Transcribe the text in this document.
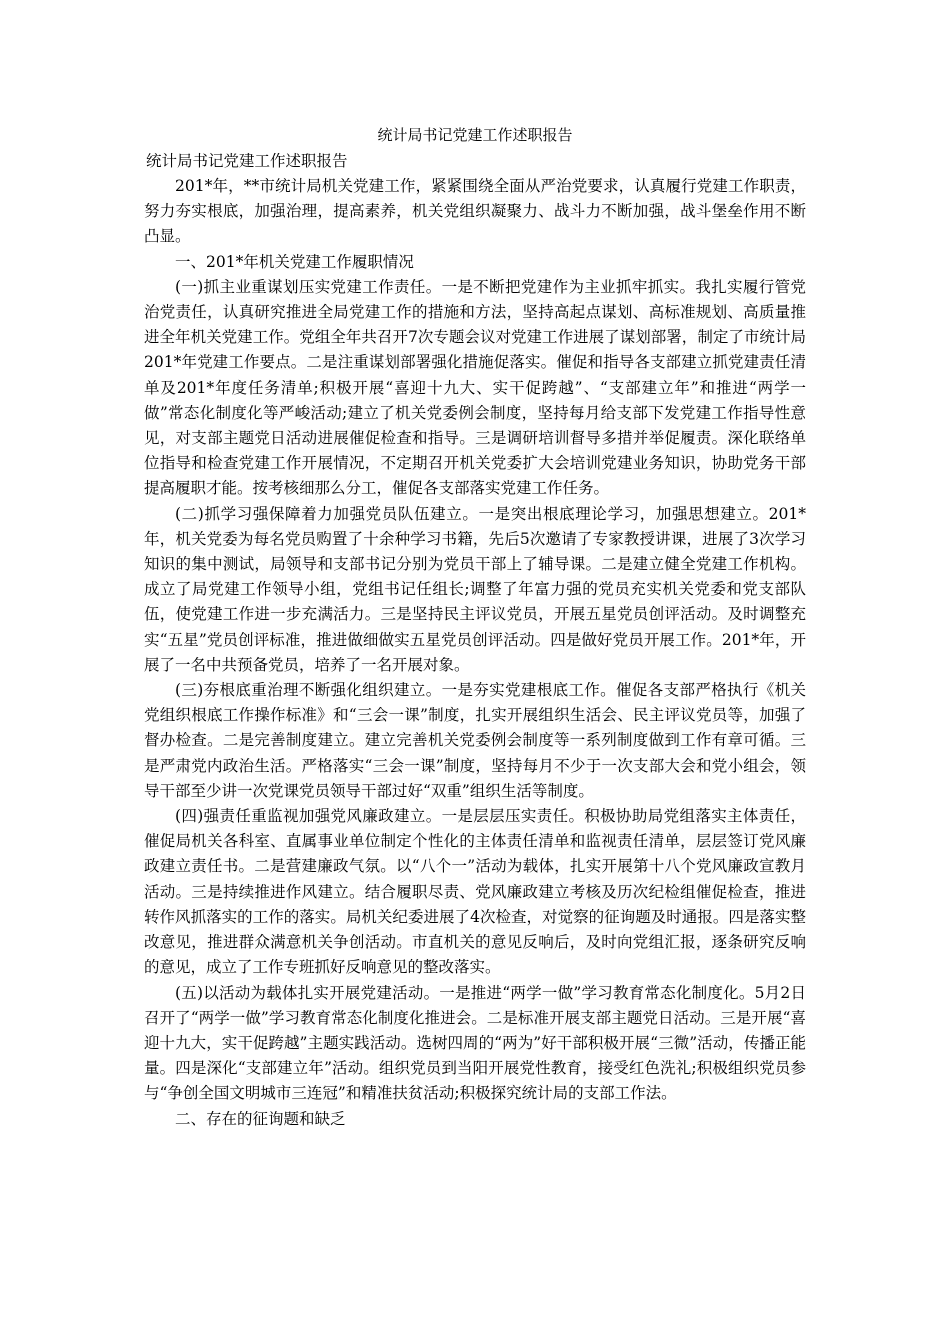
统计局书记党建工作述职报告

统计局书记党建工作述职报告

201*年，**市统计局机关党建工作，紧紧围绕全面从严治党要求，认真履行党建工作职责，努力夯实根底，加强治理，提高素养，机关党组织凝聚力、战斗力不断加强，战斗堡垒作用不断凸显。

一、201*年机关党建工作履职情况

(一)抓主业重谋划压实党建工作责任。一是不断把党建作为主业抓牢抓实。我扎实履行管党治党责任，认真研究推进全局党建工作的措施和方法，坚持高起点谋划、高标准规划、高质量推进全年机关党建工作。党组全年共召开7次专题会议对党建工作进展了谋划部署，制定了市统计局201*年党建工作要点。二是注重谋划部署强化措施促落实。催促和指导各支部建立抓党建责任清单及201*年度任务清单;积极开展“喜迎十九大、实干促跨越”、“支部建立年”和推进“两学一做”常态化制度化等严峻活动;建立了机关党委例会制度，坚持每月给支部下发党建工作指导性意见，对支部主题党日活动进展催促检查和指导。三是调研培训督导多措并举促履责。深化联络单位指导和检查党建工作开展情况，不定期召开机关党委扩大会培训党建业务知识，协助党务干部提高履职才能。按考核细那么分工，催促各支部落实党建工作任务。

(二)抓学习强保障着力加强党员队伍建立。一是突出根底理论学习，加强思想建立。201*年，机关党委为每名党员购置了十余种学习书籍，先后5次邀请了专家教授讲课，进展了3次学习知识的集中测试，局领导和支部书记分别为党员干部上了辅导课。二是建立健全党建工作机构。成立了局党建工作领导小组，党组书记任组长;调整了年富力强的党员充实机关党委和党支部队伍，使党建工作进一步充满活力。三是坚持民主评议党员，开展五星党员创评活动。及时调整充实“五星”党员创评标准，推进做细做实五星党员创评活动。四是做好党员开展工作。201*年，开展了一名中共预备党员，培养了一名开展对象。

(三)夯根底重治理不断强化组织建立。一是夯实党建根底工作。催促各支部严格执行《机关党组织根底工作操作标准》和“三会一课”制度，扎实开展组织生活会、民主评议党员等，加强了督办检查。二是完善制度建立。建立完善机关党委例会制度等一系列制度做到工作有章可循。三是严肃党内政治生活。严格落实“三会一课”制度，坚持每月不少于一次支部大会和党小组会，领导干部至少讲一次党课党员领导干部过好“双重”组织生活等制度。

(四)强责任重监视加强党风廉政建立。一是层层压实责任。积极协助局党组落实主体责任，催促局机关各科室、直属事业单位制定个性化的主体责任清单和监视责任清单，层层签订党风廉政建立责任书。二是营建廉政气氛。以“八个一”活动为载体，扎实开展第十八个党风廉政宣教月活动。三是持续推进作风建立。结合履职尽责、党风廉政建立考核及历次纪检组催促检查，推进转作风抓落实的工作的落实。局机关纪委进展了4次检查，对觉察的征询题及时通报。四是落实整改意见，推进群众满意机关争创活动。市直机关的意见反响后，及时向党组汇报，逐条研究反响的意见，成立了工作专班抓好反响意见的整改落实。

(五)以活动为载体扎实开展党建活动。一是推进“两学一做”学习教育常态化制度化。5月2日召开了“两学一做”学习教育常态化制度化推进会。二是标准开展支部主题党日活动。三是开展“喜迎十九大，实干促跨越”主题实践活动。选树四周的“两为”好干部积极开展“三微”活动，传播正能量。四是深化“支部建立年”活动。组织党员到当阳开展党性教育，接受红色洗礼;积极组织党员参与“争创全国文明城市三连冠”和精准扶贫活动;积极探究统计局的支部工作法。

二、存在的征询题和缺乏
